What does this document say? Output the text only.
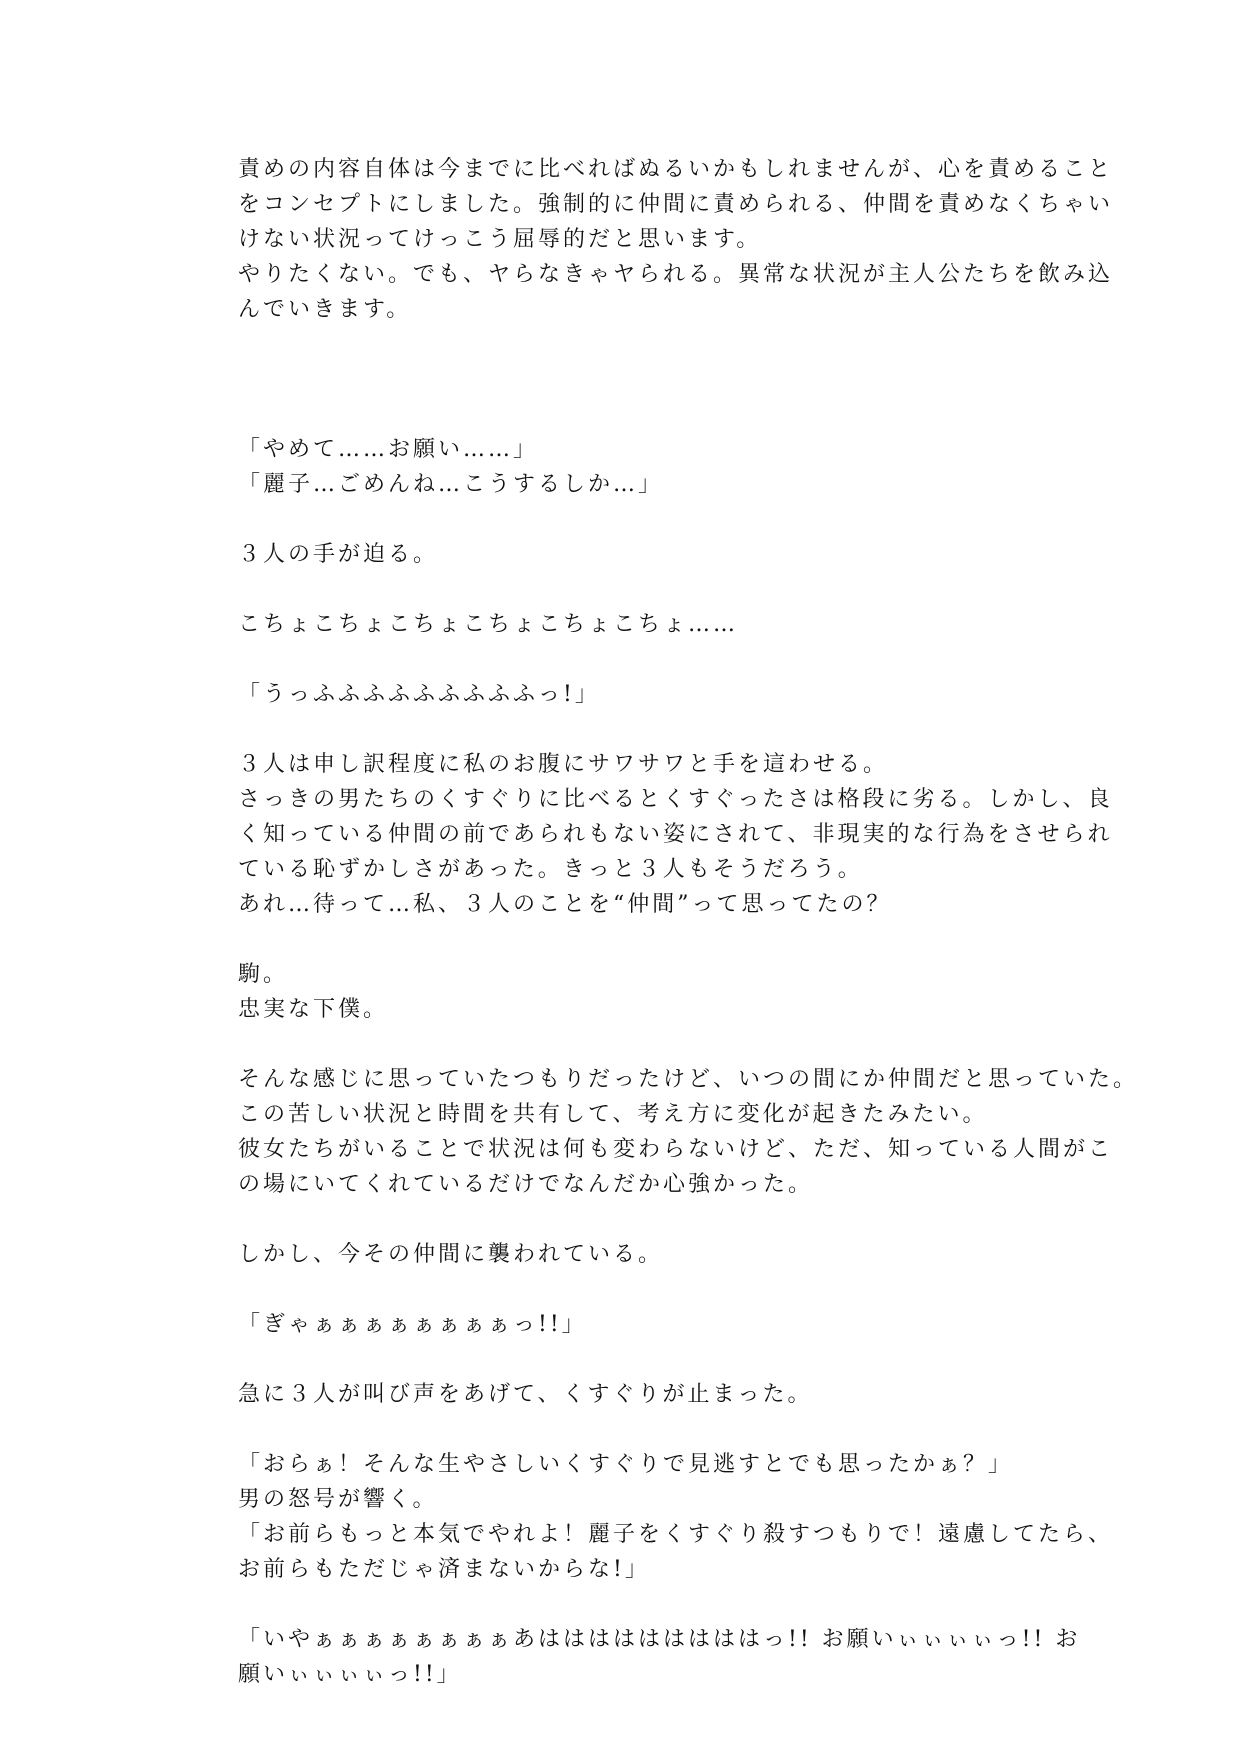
責めの内容自体は今までに比べればぬるいかもしれませんが、心を責めること
をコンセプトにしました。強制的に仲間に責められる、仲間を責めなくちゃい
けない状況ってけっこう屈辱的だと思います。
やりたくない。でも、ヤらなきゃヤられる。異常な状況が主人公たちを飲み込
んでいきます。
「やめて……お願い……」
「麗子…ごめんね…こうするしか…」
３人の手が迫る。
こちょこちょこちょこちょこちょこちょ……
「うっふふふふふふふふふっ!」
３人は申し訳程度に私のお腹にサワサワと手を這わせる。
さっきの男たちのくすぐりに比べるとくすぐったさは格段に劣る。しかし、良
く知っている仲間の前であられもない姿にされて、非現実的な行為をさせられ
ている恥ずかしさがあった。きっと３人もそうだろう。
あれ…待って…私、３人のことを“仲間”って思ってたの？
駒。
忠実な下僕。
そんな感じに思っていたつもりだったけど、いつの間にか仲間だと思っていた。
この苦しい状況と時間を共有して、考え方に変化が起きたみたい。
彼女たちがいることで状況は何も変わらないけど、ただ、知っている人間がこ
の場にいてくれているだけでなんだか心強かった。
しかし、今その仲間に襲われている。
「ぎゃぁぁぁぁぁぁぁぁっ!!」
急に３人が叫び声をあげて、くすぐりが止まった。
「おらぁ！そんな生やさしいくすぐりで見逃すとでも思ったかぁ？」
男の怒号が響く。
「お前らもっと本気でやれよ！麗子をくすぐり殺すつもりで！遠慮してたら、
お前らもただじゃ済まないからな!」
「いやぁぁぁぁぁぁぁぁあはははははははははっ!! お願いぃぃぃぃっ!! お
願いぃぃぃぃっ!!」
